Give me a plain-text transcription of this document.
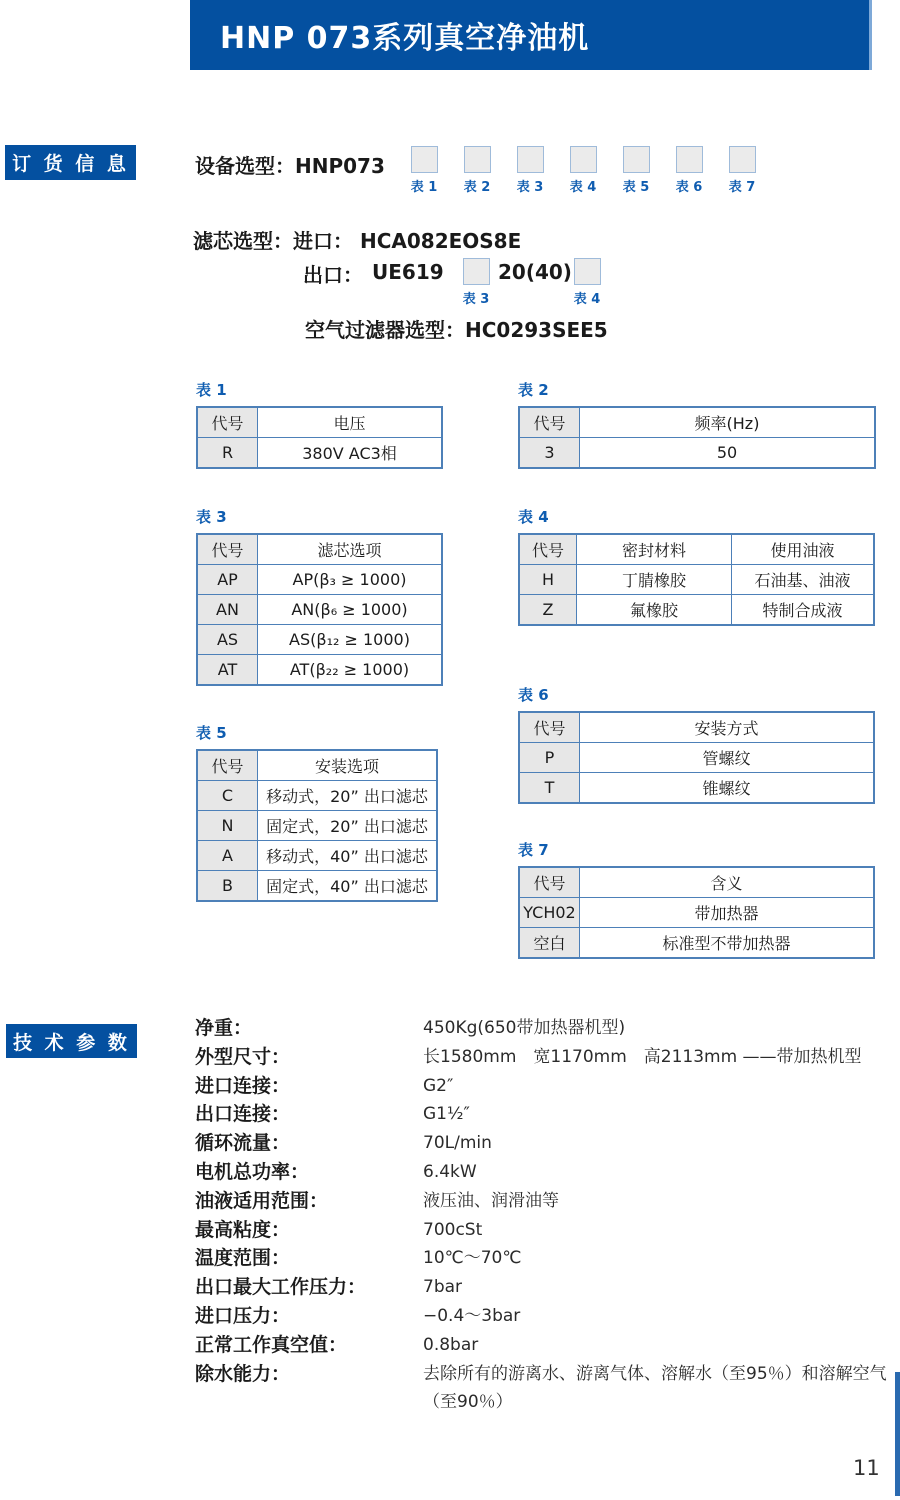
HNP 073系列真空净油机
订 货 信 息	设备选型：HNP073
表 1 表 2 表 3 表 4 表 5 表 6 表 7
滤芯选型：进口： HCA082EOS8E
出口： UE619
表 3
20(40)
表 4
空气过滤器选型：HC0293SEE5
表 1
代号	电压
R	380V AC3相
表 2
代号	频率(Hz)
3	50
表 3
代号	滤芯选项
AP	AP(β₃ ≥ 1000)
AN	AN(β₆ ≥ 1000)
AS	AS(β₁₂ ≥ 1000)
AT	AT(β₂₂ ≥ 1000)
表 4
代号	密封材料	使用油液
H	丁腈橡胶	石油基、油液
Z	氟橡胶	特制合成液
表 5
代号	安装选项
C	移动式，20” 出口滤芯
N	固定式，20” 出口滤芯
A	移动式，40” 出口滤芯
B	固定式，40” 出口滤芯
表 6
代号	安装方式
P	管螺纹
T	锥螺纹
表 7
代号	含义
YCH02	带加热器
空白	标准型不带加热器
技 术 参 数
净重：	450Kg(650带加热器机型)
外型尺寸：	长1580mm　宽1170mm　高2113mm ——带加热机型
进口连接：	G2″
出口连接：	G1½″
循环流量：	70L/min
电机总功率：	6.4kW
油液适用范围：	液压油、润滑油等
最高粘度：	700cSt
温度范围：	10℃～70℃
出口最大工作压力：	7bar
进口压力：	−0.4～3bar
正常工作真空值：	0.8bar
除水能力：	去除所有的游离水、游离气体、溶解水（至95％）和溶解空气（至90％）
11
